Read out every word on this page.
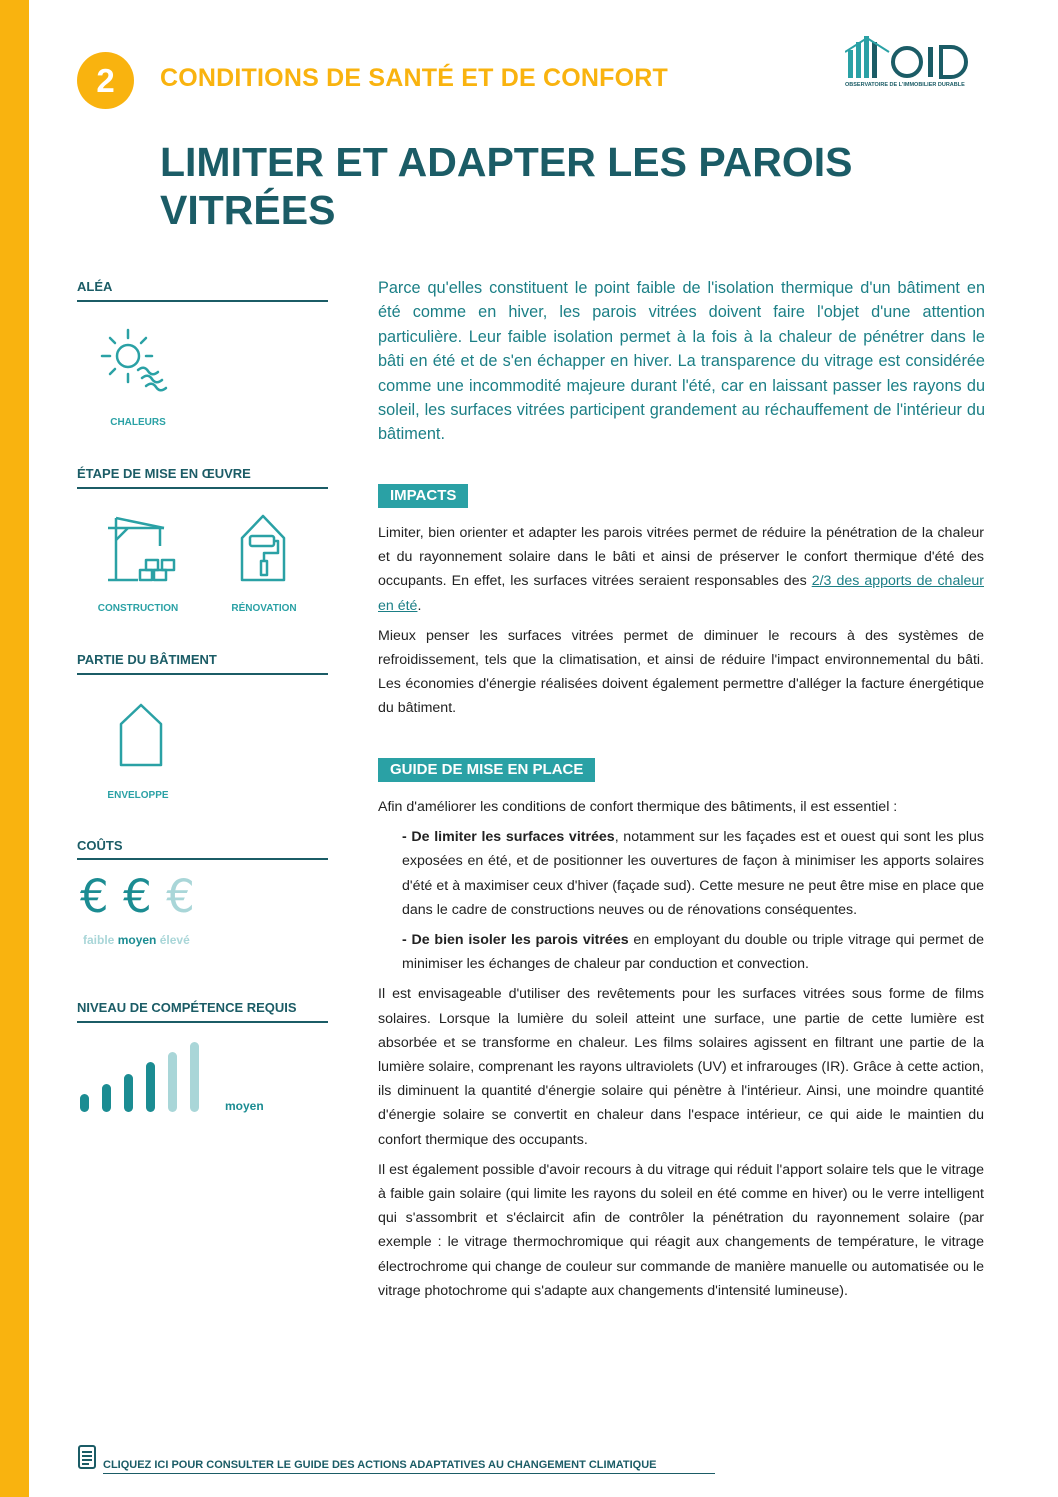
2	CONDITIONS DE SANTÉ ET DE CONFORT	OBSERVATOIRE DE L'IMMOBILIER DURABLE
LIMITER ET ADAPTER LES PAROIS
VITRÉES
ALÉA
CHALEURS
ÉTAPE DE MISE EN ŒUVRE
CONSTRUCTION	RÉNOVATION
PARTIE DU BÂTIMENT
ENVELOPPE
COÛTS
€ € €
faible moyen élevé
NIVEAU DE COMPÉTENCE REQUIS
moyen
Parce qu'elles constituent le point faible de l'isolation thermique d'un bâtiment en été comme en hiver, les parois vitrées doivent faire l'objet d'une attention particulière. Leur faible isolation permet à la fois à la chaleur de pénétrer dans le bâti en été et de s'en échapper en hiver. La transparence du vitrage est considérée comme une incommodité majeure durant l'été, car en laissant passer les rayons du soleil, les surfaces vitrées participent grandement au réchauffement de l'intérieur du bâtiment.
IMPACTS

Limiter, bien orienter et adapter les parois vitrées permet de réduire la pénétration de la chaleur et du rayonnement solaire dans le bâti et ainsi de préserver le confort thermique d'été des occupants. En effet, les surfaces vitrées seraient responsables des 2/3 des apports de chaleur en été.

Mieux penser les surfaces vitrées permet de diminuer le recours à des systèmes de refroidissement, tels que la climatisation, et ainsi de réduire l'impact environnemental du bâti. Les économies d'énergie réalisées doivent également permettre d'alléger la facture énergétique du bâtiment.

GUIDE DE MISE EN PLACE

Afin d'améliorer les conditions de confort thermique des bâtiments, il est essentiel :

- De limiter les surfaces vitrées, notamment sur les façades est et ouest qui sont les plus exposées en été, et de positionner les ouvertures de façon à minimiser les apports solaires d'été et à maximiser ceux d'hiver (façade sud). Cette mesure ne peut être mise en place que dans le cadre de constructions neuves ou de rénovations conséquentes.

- De bien isoler les parois vitrées en employant du double ou triple vitrage qui permet de minimiser les échanges de chaleur par conduction et convection.

Il est envisageable d'utiliser des revêtements pour les surfaces vitrées sous forme de films solaires. Lorsque la lumière du soleil atteint une surface, une partie de cette lumière est absorbée et se transforme en chaleur. Les films solaires agissent en filtrant une partie de la lumière solaire, comprenant les rayons ultraviolets (UV) et infrarouges (IR). Grâce à cette action, ils diminuent la quantité d'énergie solaire qui pénètre à l'intérieur. Ainsi, une moindre quantité d'énergie solaire se convertit en chaleur dans l'espace intérieur, ce qui aide le maintien du confort thermique des occupants.

Il est également possible d'avoir recours à du vitrage qui réduit l'apport solaire tels que le vitrage à faible gain solaire (qui limite les rayons du soleil en été comme en hiver) ou le verre intelligent qui s'assombrit et s'éclaircit afin de contrôler la pénétration du rayonnement solaire (par exemple : le vitrage thermochromique qui réagit aux changements de température, le vitrage électrochrome qui change de couleur sur commande de manière manuelle ou automatisée ou le vitrage photochrome qui s'adapte aux changements d'intensité lumineuse).

CLIQUEZ ICI POUR CONSULTER LE GUIDE DES ACTIONS ADAPTATIVES AU CHANGEMENT CLIMATIQUE
